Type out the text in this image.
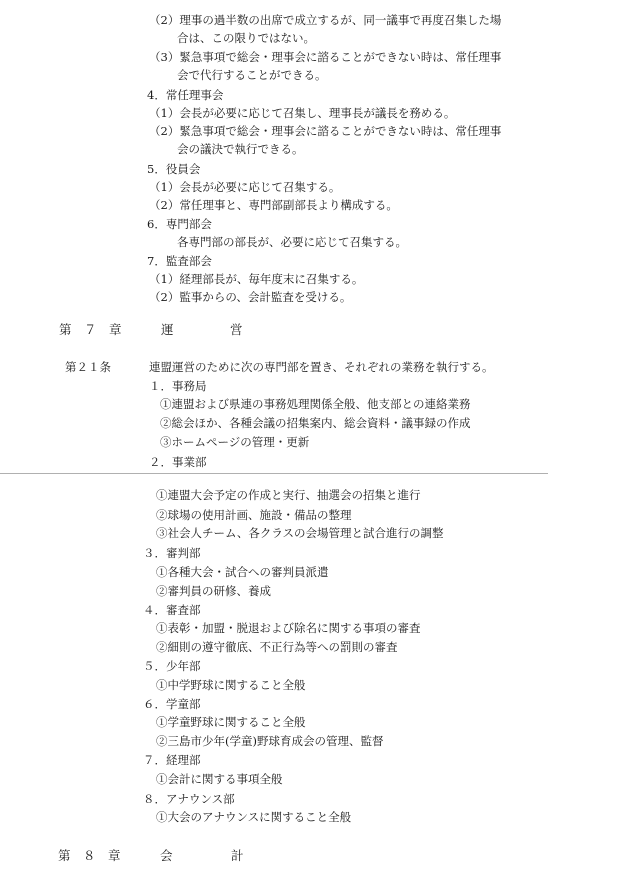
（2）理事の過半数の出席で成立するが、同一議事で再度召集した場
合は、この限りではない。
（3）緊急事項で総会・理事会に諮ることができない時は、常任理事
会で代行することができる。
4．常任理事会
（1）会長が必要に応じて召集し、理事長が議長を務める。
（2）緊急事項で総会・理事会に諮ることができない時は、常任理事
会の議決で執行できる。
5．役員会
（1）会長が必要に応じて召集する。
（2）常任理事と、専門部副部長より構成する。
6．専門部会
各専門部の部長が、必要に応じて召集する。
7．監査部会
（1）経理部長が、毎年度末に召集する。
（2）監事からの、会計監査を受ける。
第　７　章	運	営
第２１条	連盟運営のために次の専門部を置き、それぞれの業務を執行する。
１．事務局
①連盟および県連の事務処理関係全般、他支部との連絡業務
②総会ほか、各種会議の招集案内、総会資料・議事録の作成
③ホームページの管理・更新
２．事業部
①連盟大会予定の作成と実行、抽選会の招集と進行
②球場の使用計画、施設・備品の整理
③社会人チーム、各クラスの会場管理と試合進行の調整
３．審判部
①各種大会・試合への審判員派遣
②審判員の研修、養成
４．審査部
①表彰・加盟・脱退および除名に関する事項の審査
②細則の遵守徹底、不正行為等への罰則の審査
５．少年部
①中学野球に関すること全般
６．学童部
①学童野球に関すること全般
②三島市少年(学童)野球育成会の管理、監督
７．経理部
①会計に関する事項全般
８．アナウンス部
①大会のアナウンスに関すること全般
第　８　章	会	計
